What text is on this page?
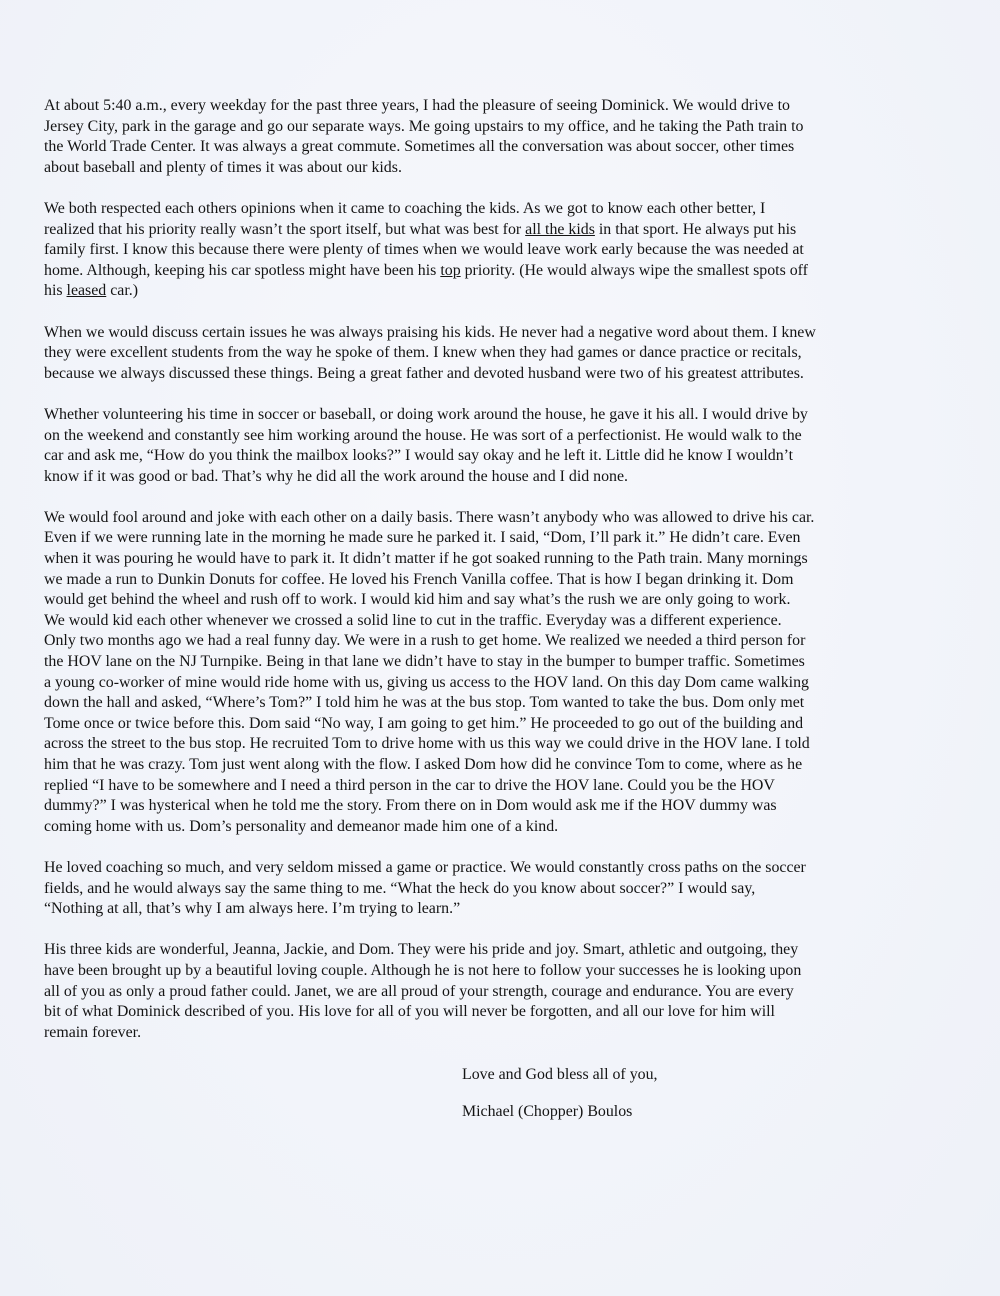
At about 5:40 a.m., every weekday for the past three years, I had the pleasure of seeing Dominick. We would drive to
Jersey City, park in the garage and go our separate ways. Me going upstairs to my office, and he taking the Path train to
the World Trade Center. It was always a great commute. Sometimes all the conversation was about soccer, other times
about baseball and plenty of times it was about our kids.
We both respected each others opinions when it came to coaching the kids. As we got to know each other better, I
realized that his priority really wasn’t the sport itself, but what was best for all the kids in that sport. He always put his
family first. I know this because there were plenty of times when we would leave work early because the was needed at
home. Although, keeping his car spotless might have been his top priority. (He would always wipe the smallest spots off
his leased car.)
When we would discuss certain issues he was always praising his kids. He never had a negative word about them. I knew
they were excellent students from the way he spoke of them. I knew when they had games or dance practice or recitals,
because we always discussed these things. Being a great father and devoted husband were two of his greatest attributes.
Whether volunteering his time in soccer or baseball, or doing work around the house, he gave it his all. I would drive by
on the weekend and constantly see him working around the house. He was sort of a perfectionist. He would walk to the
car and ask me, “How do you think the mailbox looks?” I would say okay and he left it. Little did he know I wouldn’t
know if it was good or bad. That’s why he did all the work around the house and I did none.
We would fool around and joke with each other on a daily basis. There wasn’t anybody who was allowed to drive his car.
Even if we were running late in the morning he made sure he parked it. I said, “Dom, I’ll park it.” He didn’t care. Even
when it was pouring he would have to park it. It didn’t matter if he got soaked running to the Path train. Many mornings
we made a run to Dunkin Donuts for coffee. He loved his French Vanilla coffee. That is how I began drinking it. Dom
would get behind the wheel and rush off to work. I would kid him and say what’s the rush we are only going to work.
We would kid each other whenever we crossed a solid line to cut in the traffic. Everyday was a different experience.
Only two months ago we had a real funny day. We were in a rush to get home. We realized we needed a third person for
the HOV lane on the NJ Turnpike. Being in that lane we didn’t have to stay in the bumper to bumper traffic. Sometimes
a young co-worker of mine would ride home with us, giving us access to the HOV land. On this day Dom came walking
down the hall and asked, “Where’s Tom?” I told him he was at the bus stop. Tom wanted to take the bus. Dom only met
Tome once or twice before this. Dom said “No way, I am going to get him.” He proceeded to go out of the building and
across the street to the bus stop. He recruited Tom to drive home with us this way we could drive in the HOV lane. I told
him that he was crazy. Tom just went along with the flow. I asked Dom how did he convince Tom to come, where as he
replied “I have to be somewhere and I need a third person in the car to drive the HOV lane. Could you be the HOV
dummy?” I was hysterical when he told me the story. From there on in Dom would ask me if the HOV dummy was
coming home with us. Dom’s personality and demeanor made him one of a kind.
He loved coaching so much, and very seldom missed a game or practice. We would constantly cross paths on the soccer
fields, and he would always say the same thing to me. “What the heck do you know about soccer?” I would say,
“Nothing at all, that’s why I am always here. I’m trying to learn.”
His three kids are wonderful, Jeanna, Jackie, and Dom. They were his pride and joy. Smart, athletic and outgoing, they
have been brought up by a beautiful loving couple. Although he is not here to follow your successes he is looking upon
all of you as only a proud father could. Janet, we are all proud of your strength, courage and endurance. You are every
bit of what Dominick described of you. His love for all of you will never be forgotten, and all our love for him will
remain forever.
Love and God bless all of you,
Michael (Chopper) Boulos
